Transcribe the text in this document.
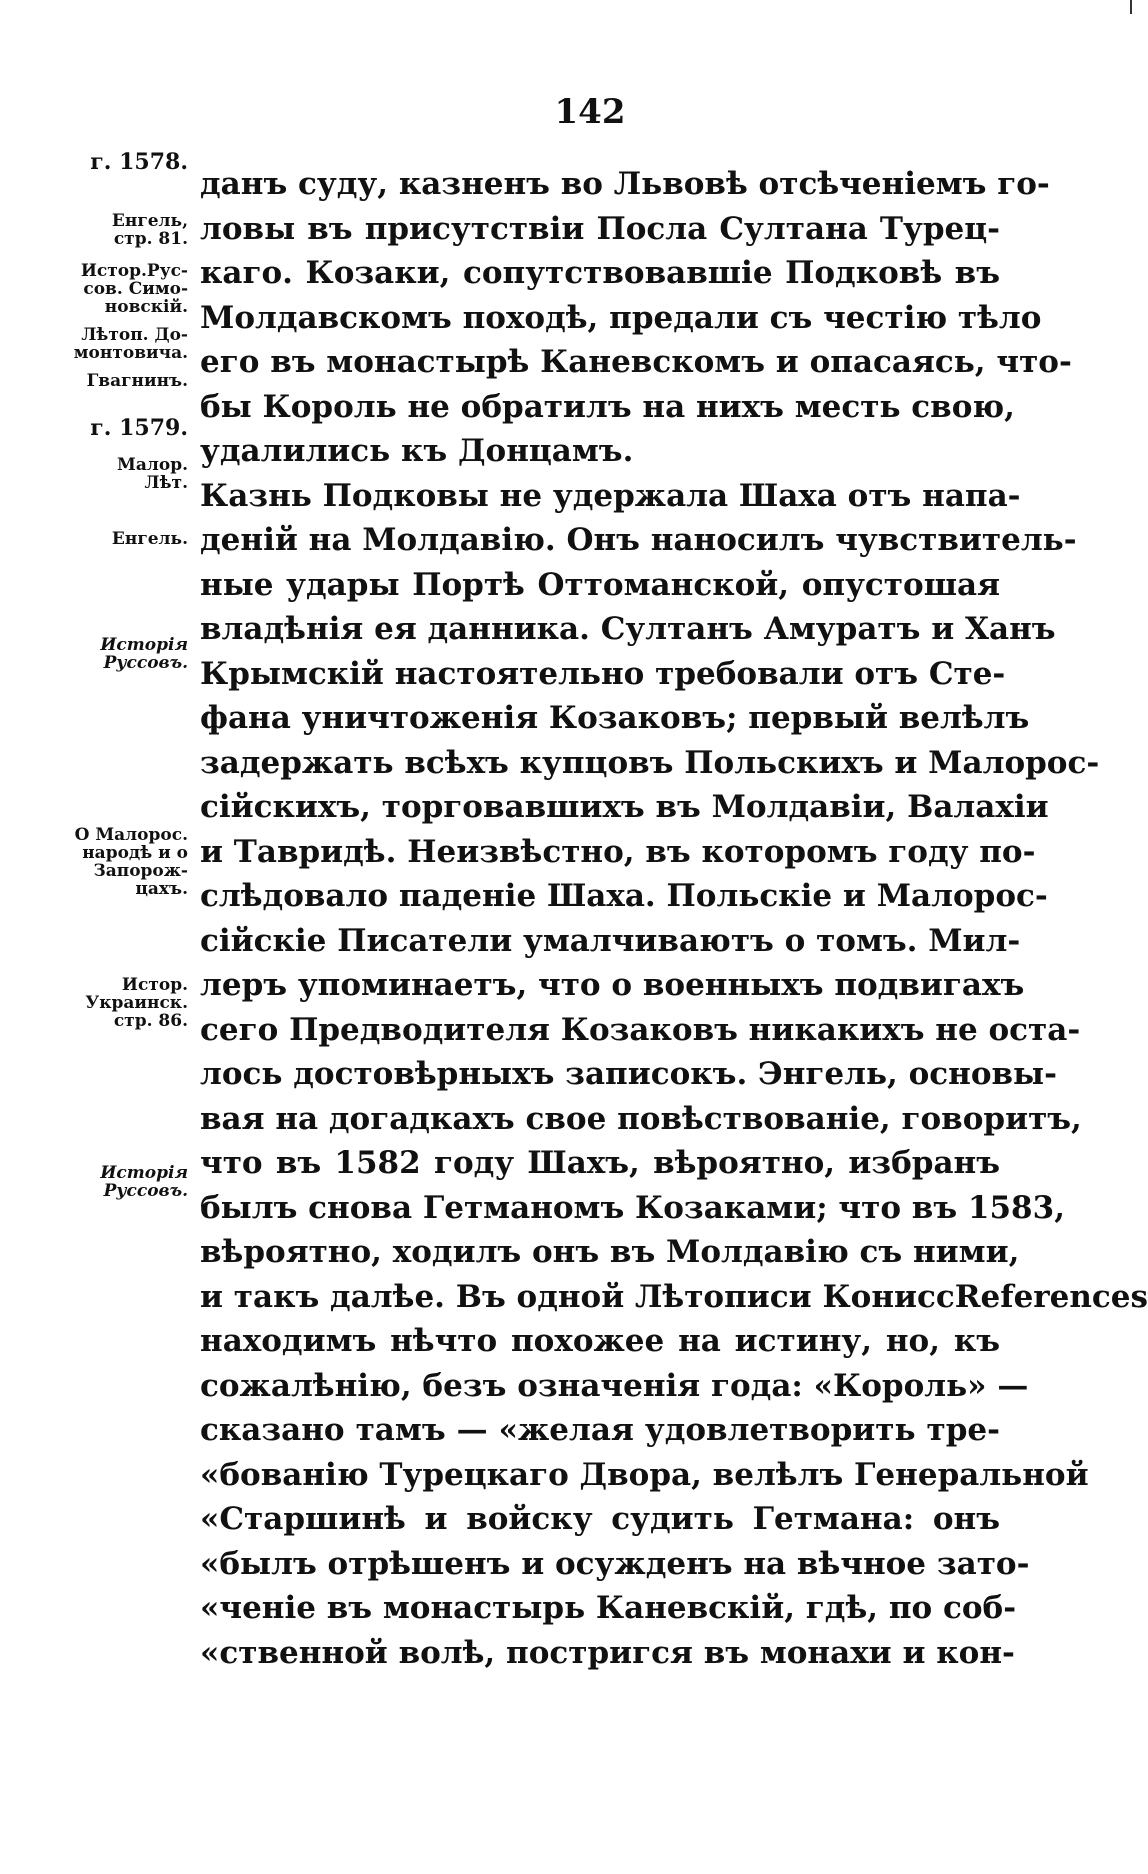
142
г. 1578.
Енгель,
стр. 81.
Истор.Рус-
сов. Симо-
новскій.
Лѣтоп. До-
монтовича.
Гвагнинъ.
г. 1579.
Малор.
Лѣт.
Енгель.
Исторія
Руссовъ.
О Малорос.
народѣ и о
Запорож-
цахъ.
Истор.
Украинск.
стр. 86.
Исторія
Руссовъ.
данъ суду, казненъ во Львовѣ отсѣченіемъ го-
ловы въ присутствіи Посла Султана Турец-
каго. Козаки, сопутствовавшіе Подковѣ въ
Молдавскомъ походѣ, предали съ честію тѣло
его въ монастырѣ Каневскомъ и опасаясь, что-
бы Король не обратилъ на нихъ месть свою,
удалились къ Донцамъ.
Казнь Подковы не удержала Шаха отъ напа-
деній на Молдавію. Онъ наносилъ чувствитель-
ные удары Портѣ Оттоманской, опустошая
владѣнія ея данника. Султанъ Амуратъ и Ханъ
Крымскій настоятельно требовали отъ Сте-
фана уничтоженія Козаковъ; первый велѣлъ
задержать всѣхъ купцовъ Польскихъ и Малорос-
сійскихъ, торговавшихъ въ Молдавіи, Валахіи
и Тавридѣ. Неизвѣстно, въ которомъ году по-
слѣдовало паденіе Шаха. Польскіе и Малорос-
сійскіе Писатели умалчиваютъ о томъ. Мил-
леръ упоминаетъ, что о военныхъ подвигахъ
сего Предводителя Козаковъ никакихъ не оста-
лось достовѣрныхъ записокъ. Энгель, основы-
вая на догадкахъ свое повѣствованіе, говоритъ,
что въ 1582 году Шахъ, вѣроятно, избранъ
былъ снова Гетманомъ Козаками; что въ 1583,
вѣроятно, ходилъ онъ въ Молдавію съ ними,
и такъ далѣе. Въ одной Лѣтописи КониссReferences
находимъ нѣчто похожее на истину, но, къ
сожалѣнію, безъ означенія года: «Король» —
сказано тамъ — «желая удовлетворить тре-
«бованію Турецкаго Двора, велѣлъ Генеральной
«Старшинѣ и войску судить Гетмана: онъ
«былъ отрѣшенъ и осужденъ на вѣчное зато-
«ченіе въ монастырь Каневскій, гдѣ, по соб-
«ственной волѣ, постригся въ монахи и кон-
